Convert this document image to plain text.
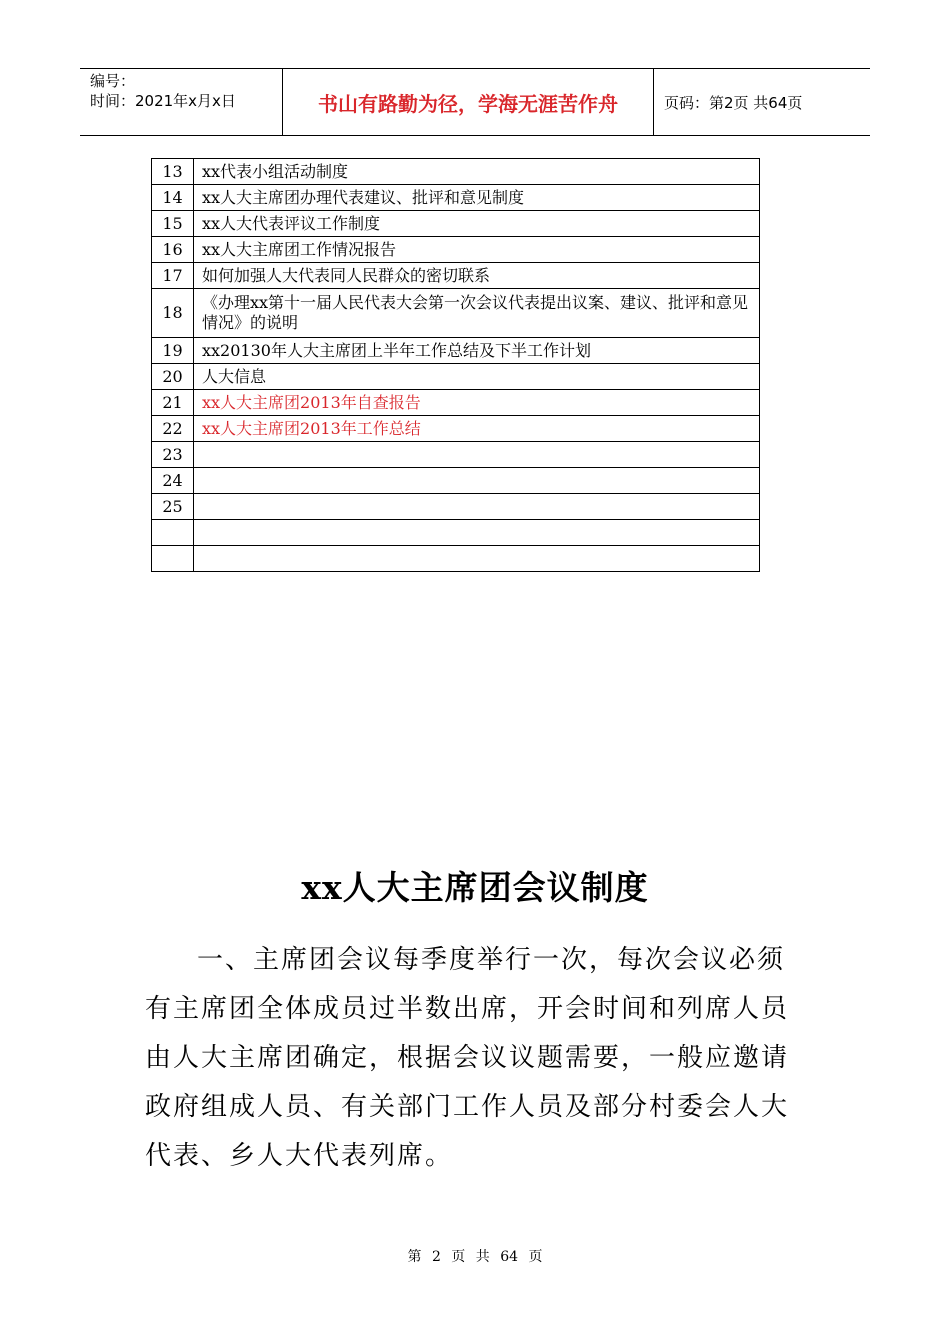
编号：
时间：2021年x月x日	书山有路勤为径，学海无涯苦作舟	页码：第2页 共64页
13	xx代表小组活动制度
14	xx人大主席团办理代表建议、批评和意见制度
15	xx人大代表评议工作制度
16	xx人大主席团工作情况报告
17	如何加强人大代表同人民群众的密切联系
18	《办理xx第十一届人民代表大会第一次会议代表提出议案、建议、批评和意见情况》的说明
19	xx20130年人大主席团上半年工作总结及下半工作计划
20	人大信息
21	xx人大主席团2013年自查报告
22	xx人大主席团2013年工作总结
23	
24	
25	

xx人大主席团会议制度
一、主席团会议每季度举行一次，每次会议必须有主席团全体成员过半数出席，开会时间和列席人员由人大主席团确定，根据会议议题需要，一般应邀请政府组成人员、有关部门工作人员及部分村委会人大代表、乡人大代表列席。
第 2 页 共 64 页
